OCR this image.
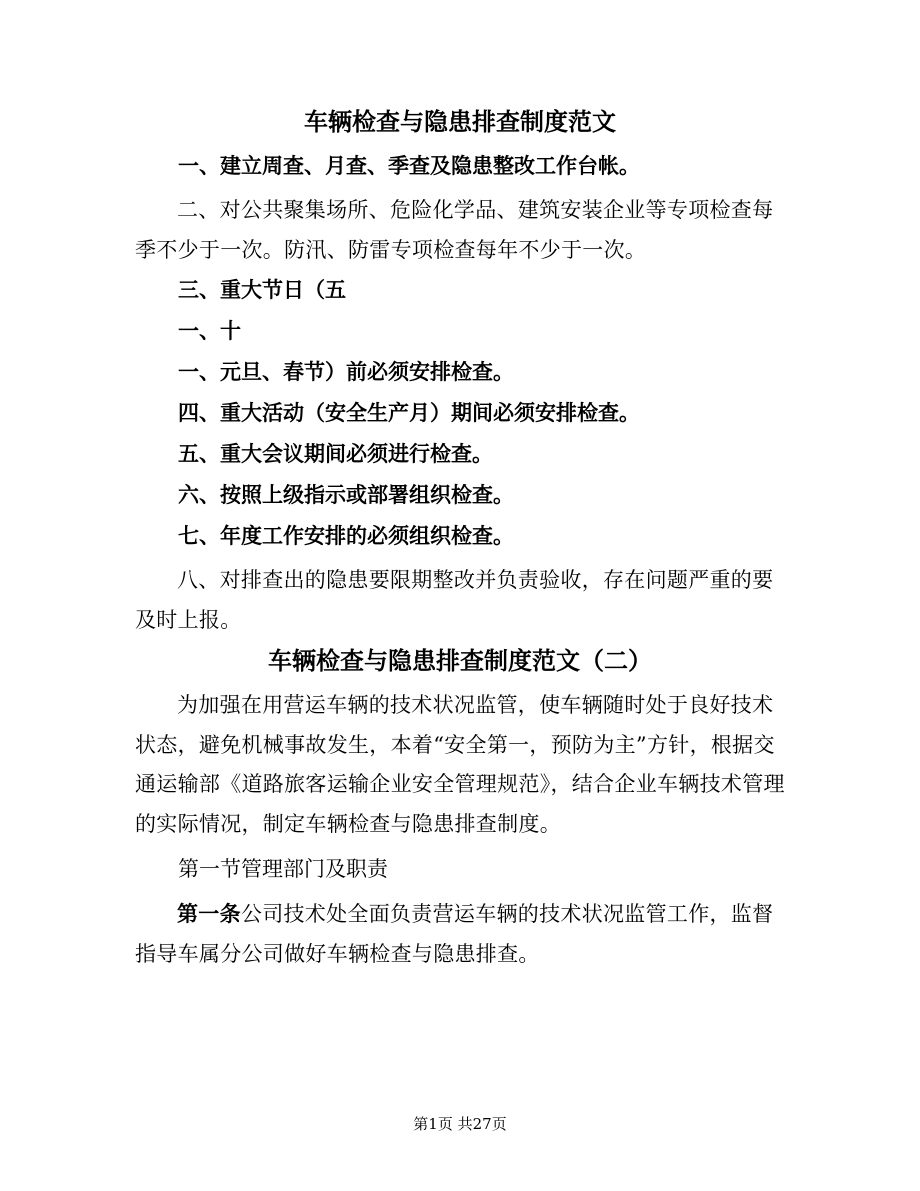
车辆检查与隐患排查制度范文
一、建立周查、月查、季查及隐患整改工作台帐。
二、对公共聚集场所、危险化学品、建筑安装企业等专项检查每季不少于一次。防汛、防雷专项检查每年不少于一次。
三、重大节日（五
一、十
一、元旦、春节）前必须安排检查。
四、重大活动（安全生产月）期间必须安排检查。
五、重大会议期间必须进行检查。
六、按照上级指示或部署组织检查。
七、年度工作安排的必须组织检查。
八、对排查出的隐患要限期整改并负责验收，存在问题严重的要及时上报。
车辆检查与隐患排查制度范文（二）
为加强在用营运车辆的技术状况监管，使车辆随时处于良好技术状态，避免机械事故发生，本着“安全第一，预防为主”方针，根据交通运输部《道路旅客运输企业安全管理规范》，结合企业车辆技术管理的实际情况，制定车辆检查与隐患排查制度。
第一节管理部门及职责
第一条公司技术处全面负责营运车辆的技术状况监管工作，监督指导车属分公司做好车辆检查与隐患排查。
第1页 共27页
